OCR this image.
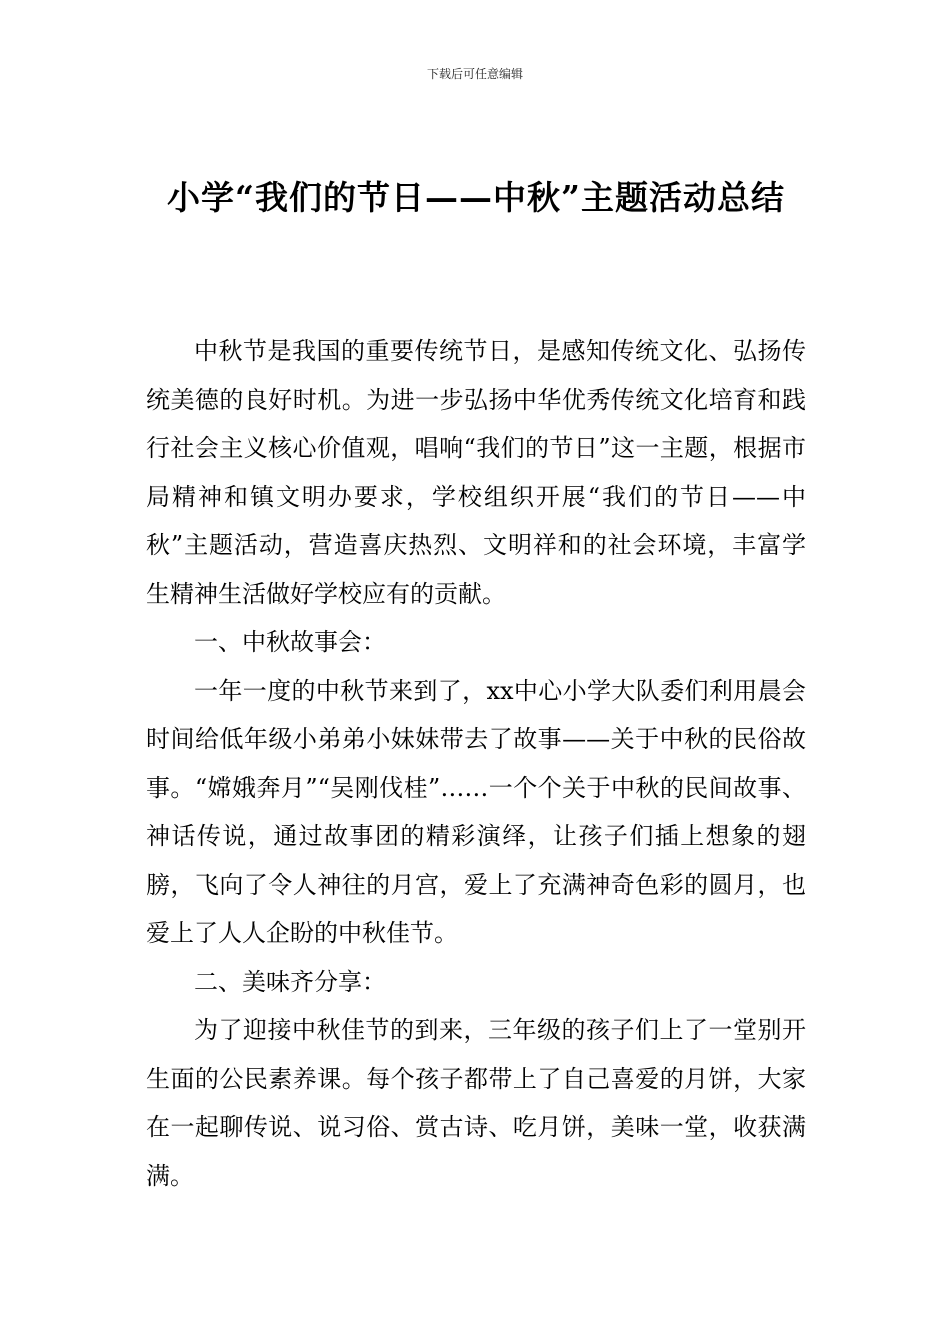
下载后可任意编辑
小学“我们的节日——中秋”主题活动总结

中秋节是我国的重要传统节日，是感知传统文化、弘扬传统美德的良好时机。为进一步弘扬中华优秀传统文化培育和践行社会主义核心价值观，唱响“我们的节日”这一主题，根据市局精神和镇文明办要求，学校组织开展“我们的节日——中秋”主题活动，营造喜庆热烈、文明祥和的社会环境，丰富学生精神生活做好学校应有的贡献。

一、中秋故事会：

一年一度的中秋节来到了，xx中心小学大队委们利用晨会时间给低年级小弟弟小妹妹带去了故事——关于中秋的民俗故事。“嫦娥奔月”“吴刚伐桂”……一个个关于中秋的民间故事、神话传说，通过故事团的精彩演绎，让孩子们插上想象的翅膀，飞向了令人神往的月宫，爱上了充满神奇色彩的圆月，也爱上了人人企盼的中秋佳节。

二、美味齐分享：

为了迎接中秋佳节的到来，三年级的孩子们上了一堂别开生面的公民素养课。每个孩子都带上了自己喜爱的月饼，大家在一起聊传说、说习俗、赏古诗、吃月饼，美味一堂，收获满满。
